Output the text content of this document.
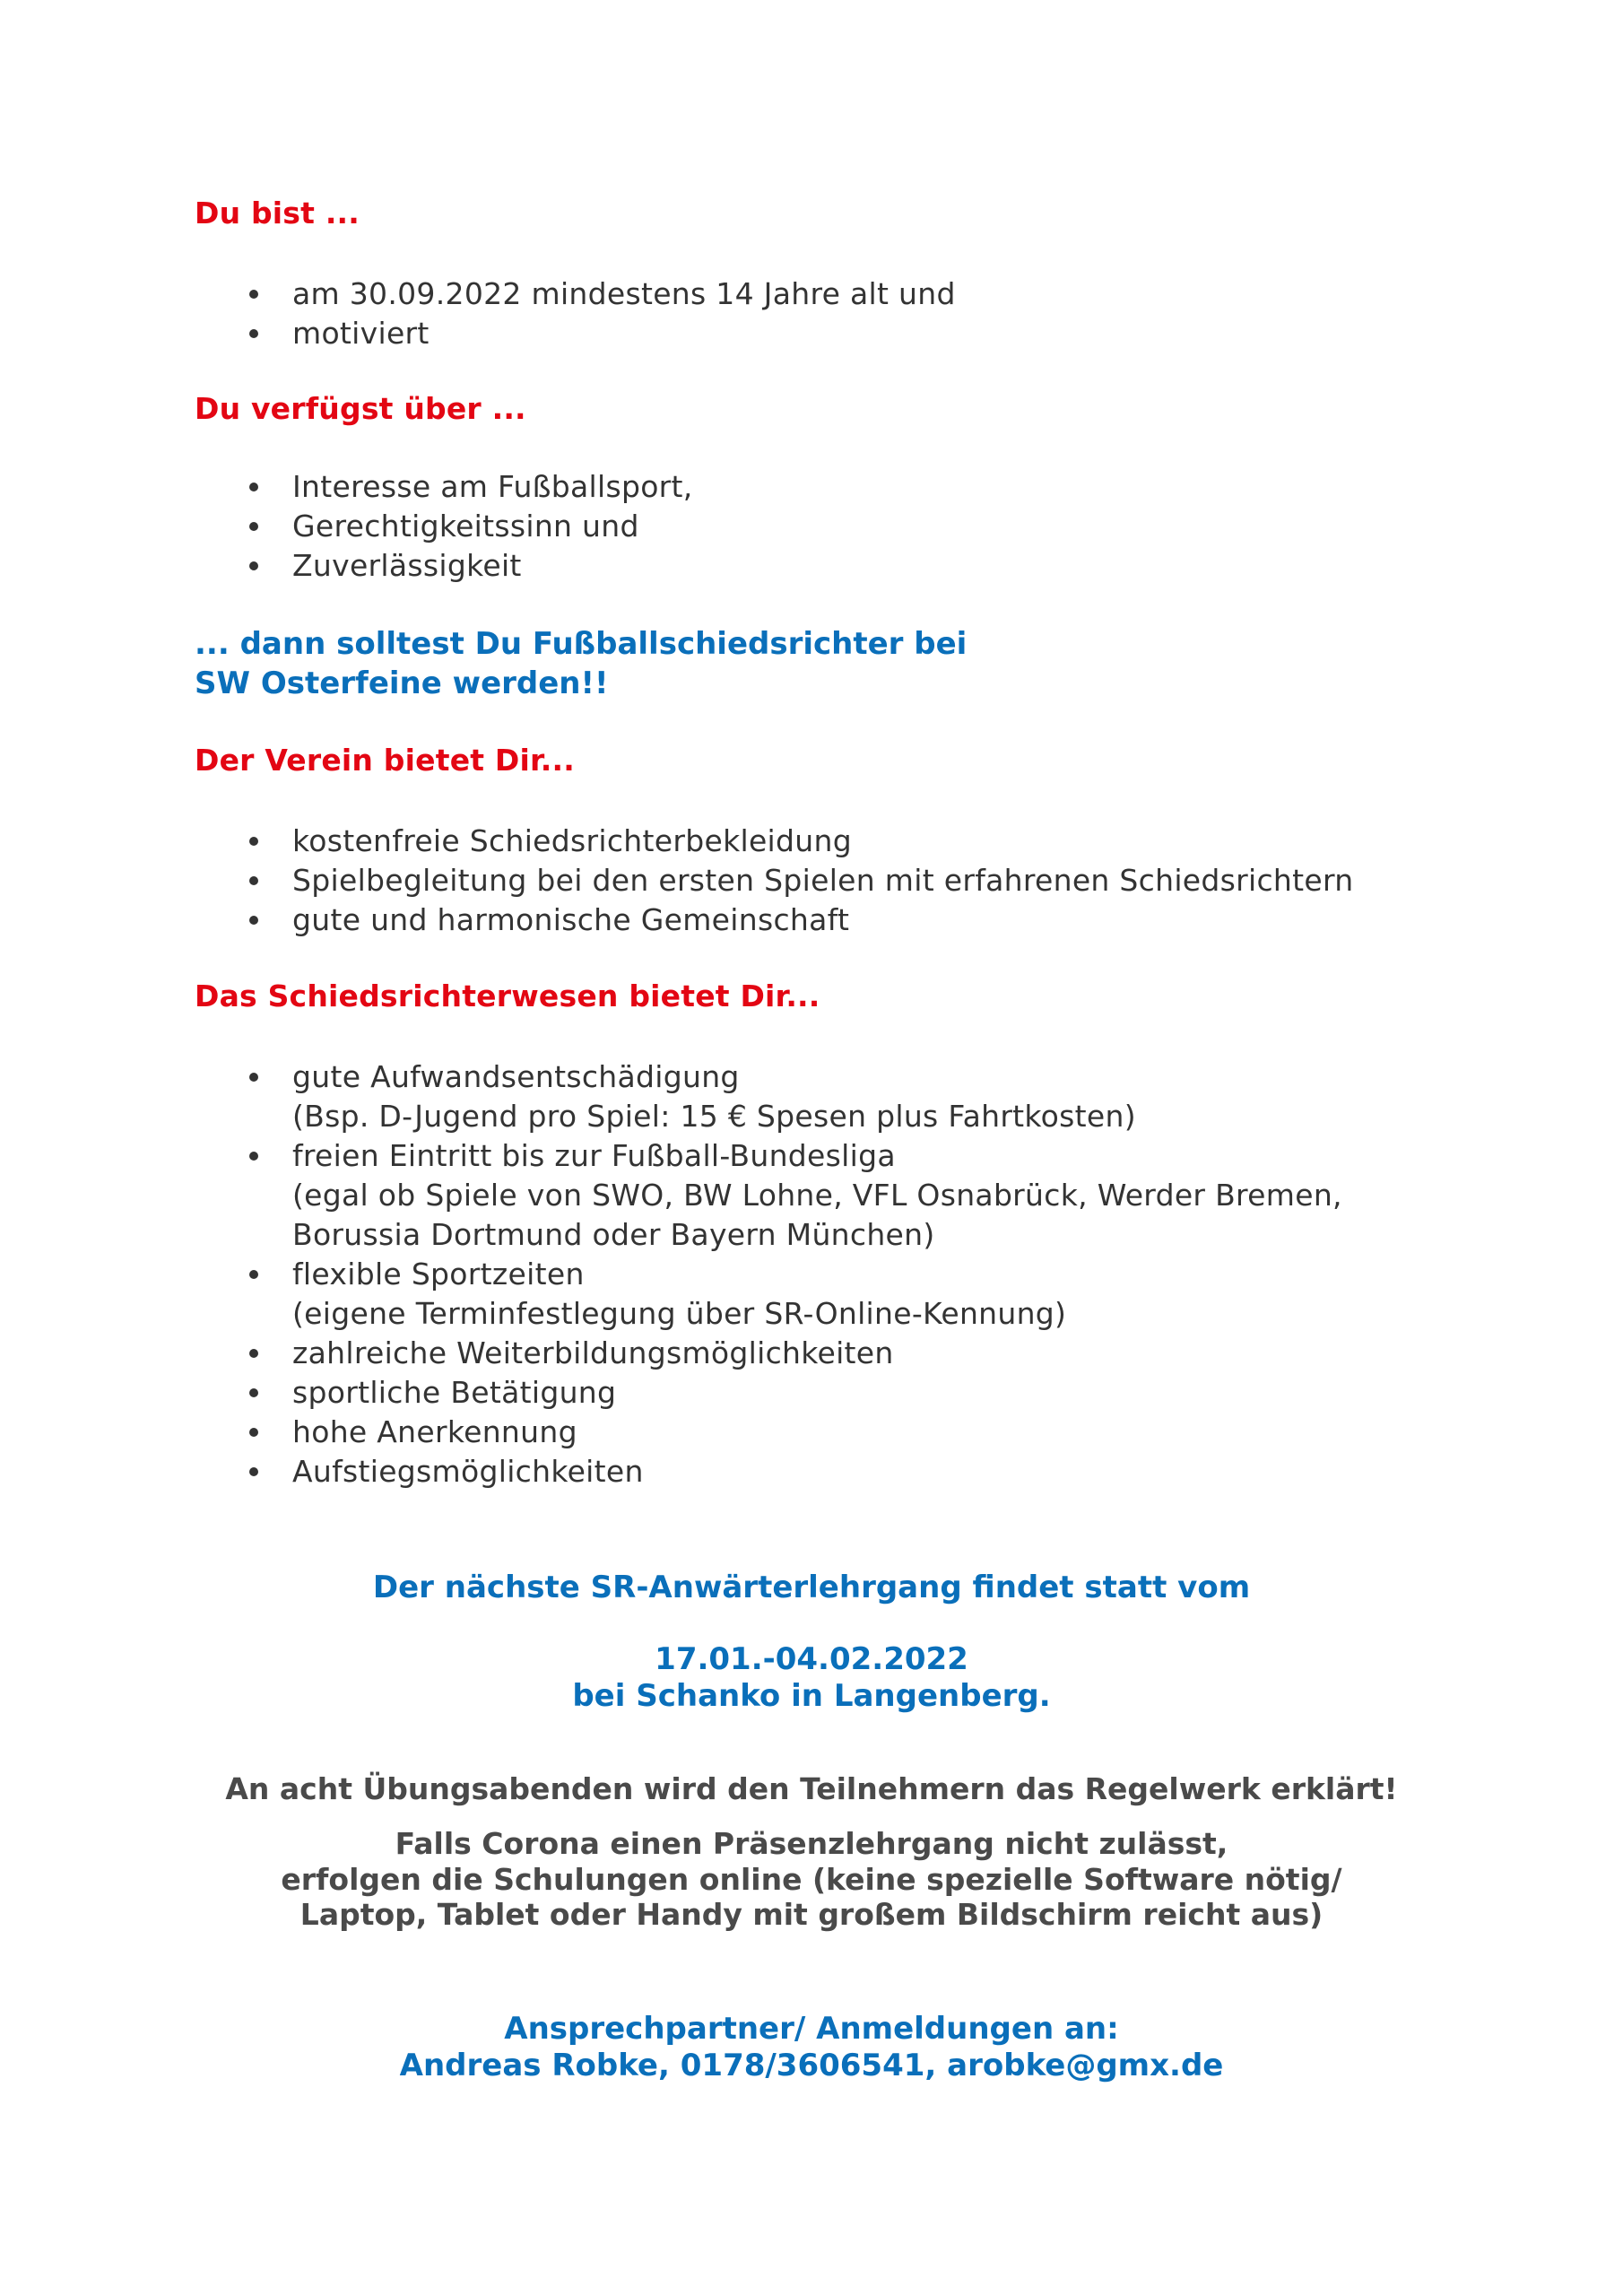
Du bist ...
am 30.09.2022 mindestens 14 Jahre alt und
motiviert
Du verfügst über ...
Interesse am Fußballsport,
Gerechtigkeitssinn und
Zuverlässigkeit
... dann solltest Du Fußballschiedsrichter bei
SW Osterfeine werden!!
Der Verein bietet Dir...
kostenfreie Schiedsrichterbekleidung
Spielbegleitung bei den ersten Spielen mit erfahrenen Schiedsrichtern
gute und harmonische Gemeinschaft
Das Schiedsrichterwesen bietet Dir...
gute Aufwandsentschädigung
(Bsp. D-Jugend pro Spiel: 15 € Spesen plus Fahrtkosten)
freien Eintritt bis zur Fußball-Bundesliga
(egal ob Spiele von SWO, BW Lohne, VFL Osnabrück, Werder Bremen,
Borussia Dortmund oder Bayern München)
flexible Sportzeiten
(eigene Terminfestlegung über SR-Online-Kennung)
zahlreiche Weiterbildungsmöglichkeiten
sportliche Betätigung
hohe Anerkennung
Aufstiegsmöglichkeiten
Der nächste SR-Anwärterlehrgang findet statt vom
17.01.-04.02.2022
bei Schanko in Langenberg.
An acht Übungsabenden wird den Teilnehmern das Regelwerk erklärt!
Falls Corona einen Präsenzlehrgang nicht zulässt,
erfolgen die Schulungen online (keine spezielle Software nötig/
Laptop, Tablet oder Handy mit großem Bildschirm reicht aus)
Ansprechpartner/ Anmeldungen an:
Andreas Robke, 0178/3606541, arobke@gmx.de
